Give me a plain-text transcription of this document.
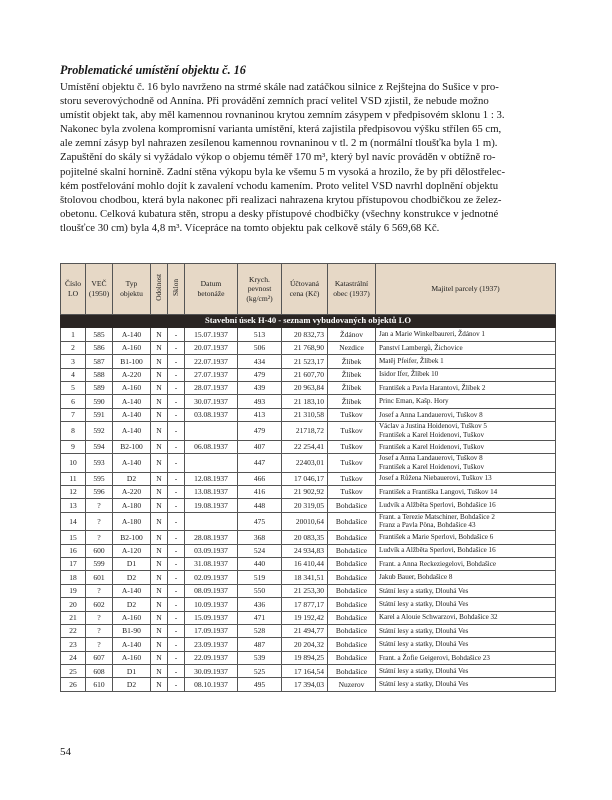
Problematické umístění objektu č. 16

Umístění objektu č. 16 bylo navrženo na strmé skále nad zatáčkou silnice z Rejštejna do Sušice v pro-
storu severovýchodně od Annína. Při provádění zemních prací velitel VSD zjistil, že nebude možno
umístit objekt tak, aby měl kamennou rovnaninou krytou zemním zásypem v předpisovém sklonu 1 : 3.
Nakonec byla zvolena kompromisní varianta umístění, která zajistila předpisovou výšku střílen 65 cm,
ale zemní zásyp byl nahrazen zesílenou kamennou rovnaninou v tl. 2 m (normální tloušťka byla 1 m).
Zapuštění do skály si vyžádalo výkop o objemu téměř 170 m³, který byl navíc prováděn v obtížně ro-
pojitelné skalní hornině. Zadní stěna výkopu byla ke všemu 5 m vysoká a hrozilo, že by při dělostřelec-
kém postřelování mohlo dojít k zavalení vchodu kamením. Proto velitel VSD navrhl doplnění objektu
štolovou chodbou, která byla nakonec při realizaci nahrazena krytou přístupovou chodbičkou ze želez-
obetonu. Celková kubatura stěn, stropu a desky přístupové chodbičky (všechny konstrukce v jednotné
tloušťce 30 cm) byla 4,8 m³. Vícepráce na tomto objektu pak celkově stály 6 569,68 Kč.

Stavební úsek H-40 - seznam vybudovaných objektů LO									
Číslo LO	VEČ (1950)	Typ objektu	Odolnost	Sklon	Datum betonáže	Krych. pevnost (kg/cm²)	Účtovaná cena (Kč)	Katastrální obec (1937)	Majitel parcely (1937)
1	585	A-140	N	-	15.07.1937	513	20 832,73	Ždánov	Jan a Marie Winkelbaureri, Ždánov 1
2	586	A-160	N	-	20.07.1937	506	21 768,90	Nezdice	Panství Lambergů, Žichovice
3	587	B1-100	N	-	22.07.1937	434	21 523,17	Žlíbek	Matěj Pfeifer, Žlíbek 1
4	588	A-220	N	-	27.07.1937	479	21 607,70	Žlíbek	Isidor Ifer, Žlíbek 10
5	589	A-160	N	-	28.07.1937	439	20 963,84	Žlíbek	František a Pavla Harantovi, Žlíbek 2
6	590	A-140	N	-	30.07.1937	493	21 183,10	Žlíbek	Princ Eman, Kašp. Hory
7	591	A-140	N	-	03.08.1937	413	21 310,58	Tuškov	Josef a Anna Landauerovi, Tuškov 8
8	592	A-140	N	-		479	21718,72	Tuškov	Václav a Justina Hoidenovi, Tuškov 5
František a Karel Hoidenovi, Tuškov
9	594	B2-100	N	-	06.08.1937	407	22 254,41	Tuškov	František a Karel Hoidenovi, Tuškov
10	593	A-140	N	-		447	22403,01	Tuškov	Josef a Anna Landauerovi, Tuškov 8
František a Karel Hoidenovi, Tuškov
11	595	D2	N	-	12.08.1937	466	17 046,17	Tuškov	Josef a Růžena Niebauerovi, Tuškov 13
12	596	A-220	N	-	13.08.1937	416	21 902,92	Tuškov	František a Františka Langovi, Tuškov 14
13	?	A-180	N	-	19.08.1937	448	20 319,05	Bohdašice	Ludvík a Alžběta Sperlovi, Bohdašice 16
14	?	A-180	N	-		475	20010,64	Bohdašice	Frant. a Terezie Matschiner, Bohdašice 2
Franz a Pavla Pöna, Bohdašice 43
15	?	B2-100	N	-	28.08.1937	368	20 083,35	Bohdašice	František a Marie Sperlovi, Bohdašice 6
16	600	A-120	N	-	03.09.1937	524	24 934,83	Bohdašice	Ludvík a Alžběta Sperlovi, Bohdašice 16
17	599	D1	N	-	31.08.1937	440	16 410,44	Bohdašice	Frant. a Anna Reckeziegelovi, Bohdašice
18	601	D2	N	-	02.09.1937	519	18 341,51	Bohdašice	Jakub Bauer, Bohdašice 8
19	?	A-140	N	-	08.09.1937	550	21 253,30	Bohdašice	Státní lesy a statky, Dlouhá Ves
20	602	D2	N	-	10.09.1937	436	17 877,17	Bohdašice	Státní lesy a statky, Dlouhá Ves
21	?	A-160	N	-	15.09.1937	471	19 192,42	Bohdašice	Karel a Alouie Schwarzovi, Bohdašice 32
22	?	B1-90	N	-	17.09.1937	528	21 494,77	Bohdašice	Státní lesy a statky, Dlouhá Ves
23	?	A-140	N	-	23.09.1937	487	20 204,32	Bohdašice	Státní lesy a statky, Dlouhá Ves
24	607	A-160	N	-	22.09.1937	539	19 894,25	Bohdašice	Frant. a Žofie Geigerovi, Bohdašice 23
25	608	D1	N	-	30.09.1937	525	17 164,54	Bohdašice	Státní lesy a statky, Dlouhá Ves
26	610	D2	N	-	08.10.1937	495	17 394,03	Nuzerov	Státní lesy a statky, Dlouhá Ves
54
